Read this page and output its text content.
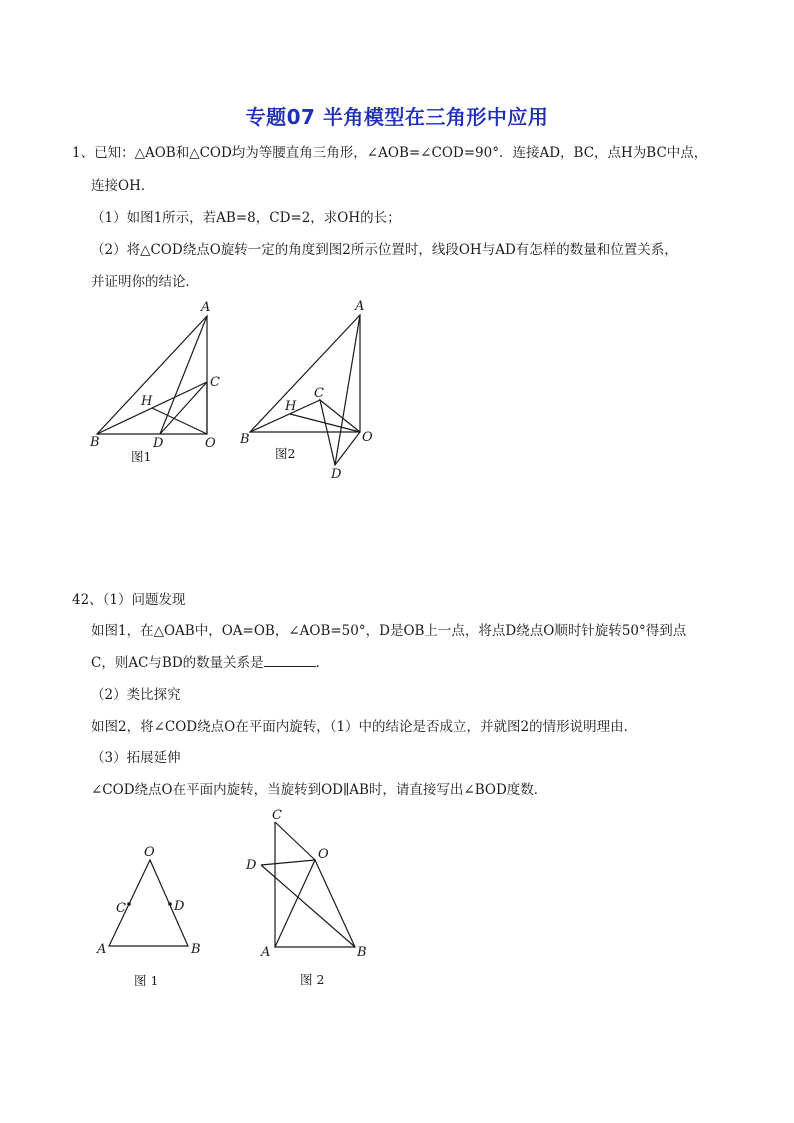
专题07 半角模型在三角形中应用
1、已知：△AOB和△COD均为等腰直角三角形，∠AOB=∠COD=90°．连接AD，BC，点H为BC中点，
连接OH．
（1）如图1所示，若AB=8，CD=2，求OH的长；
（2）将△COD绕点O旋转一定的角度到图2所示位置时，线段OH与AD有怎样的数量和位置关系，
并证明你的结论．
A
C
H
B	D	O
图1
A
C
H
B	O
D
图2
42、（1）问题发现
如图1，在△OAB中，OA=OB，∠AOB=50°，D是OB上一点，将点D绕点O顺时针旋转50°得到点
C，则AC与BD的数量关系是	．
（2）类比探究
如图2，将∠COD绕点O在平面内旋转，（1）中的结论是否成立，并就图2的情形说明理由．
（3）拓展延伸
∠COD绕点O在平面内旋转，当旋转到OD∥AB时，请直接写出∠BOD度数．
O
C	D
A	B
图 1
C
O
D
A	B
图 2
